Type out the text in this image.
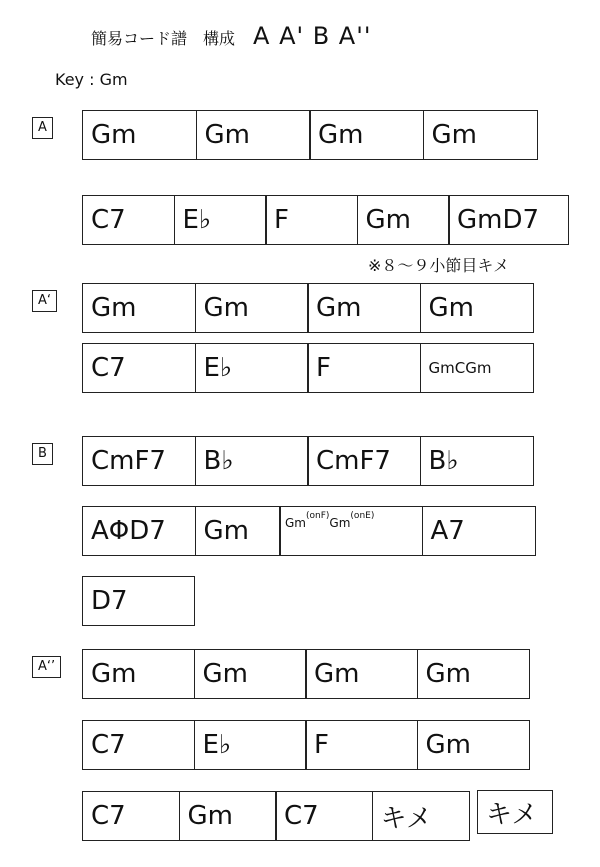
簡易コード譜　構成 A A' B A''
Key : Gm
A	Gm	Gm	Gm	Gm
C7	E♭	F	Gm	GmD7
※８～９小節目キメ
A‘	Gm	Gm	Gm	Gm
C7	E♭	F	GmCGm
B	CmF7	B♭	CmF7	B♭
AΦD7	Gm	Gm (onF) Gm (onE)	A7
D7
A‘’	Gm	Gm	Gm	Gm
C7	E♭	F	Gm
C7	Gm	C7	キメ	キメ
